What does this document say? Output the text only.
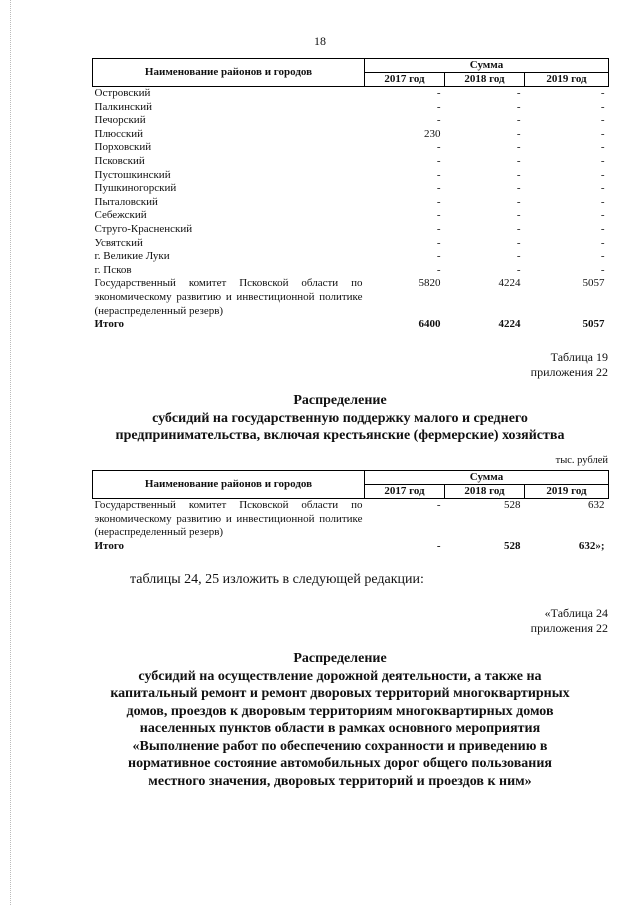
18
Наименование районов и городов	Сумма		
	2017 год	2018 год	2019 год
Островский	-	-	-
Палкинский	-	-	-
Печорский	-	-	-
Плюсский	230	-	-
Порховский	-	-	-
Псковский	-	-	-
Пустошкинский	-	-	-
Пушкиногорский	-	-	-
Пыталовский	-	-	-
Себежский	-	-	-
Струго-Красненский	-	-	-
Усвятский	-	-	-
г. Великие Луки	-	-	-
г. Псков	-	-	-
Государственный комитет Псковской области по экономическому развитию и инвестиционной политике (нераспределенный резерв)	5820	4224	5057
Итого	6400	4224	5057
Таблица 19
приложения 22
Распределение
субсидий на государственную поддержку малого и среднего
предпринимательства, включая крестьянские (фермерские) хозяйства
тыс. рублей
Наименование районов и городов	Сумма		
	2017 год	2018 год	2019 год
Государственный комитет Псковской области по экономическому развитию и инвестиционной политике (нераспределенный резерв)	-	528	632
Итого	-	528	632»;
таблицы 24, 25 изложить в следующей редакции:
«Таблица 24
приложения 22
Распределение
субсидий на осуществление дорожной деятельности, а также на
капитальный ремонт и ремонт дворовых территорий многоквартирных
домов, проездов к дворовым территориям многоквартирных домов
населенных пунктов области в рамках основного мероприятия
«Выполнение работ по обеспечению сохранности и приведению в
нормативное состояние автомобильных дорог общего пользования
местного значения, дворовых территорий и проездов к ним»
